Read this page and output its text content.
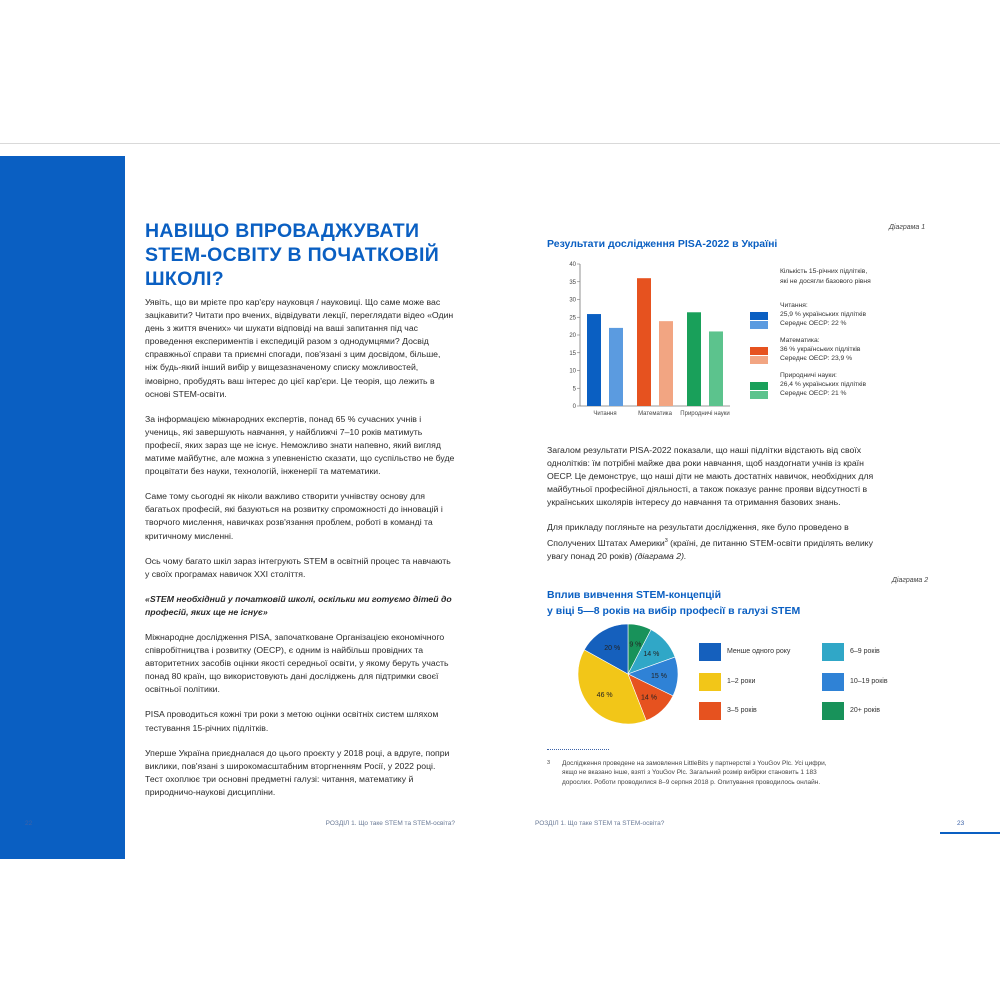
НАВІЩО ВПРОВАДЖУВАТИ
STEM-ОСВІТУ В ПОЧАТКОВІЙ
ШКОЛІ?

Уявіть, що ви мрієте про кар'єру науковця / науковиці. Що саме може вас зацікавити? Читати про вчених, відвідувати лекції, переглядати відео «Один день з життя вчених» чи шукати відповіді на ваші запитання під час проведення експериментів і експедицій разом з однодумцями? Досвід справжньої справи та приємні спогади, пов'язані з цим досвідом, більше, ніж будь-який інший вибір у вищезазначеному списку можливостей, імовірно, пробудять ваш інтерес до цієї кар'єри. Це теорія, що лежить в основі STEM-освіти.

За інформацією міжнародних експертів, понад 65 % сучасних учнів і учениць, які завершують навчання, у найближчі 7–10 років матимуть професії, яких зараз ще не існує. Неможливо знати напевно, який вигляд матиме майбутнє, але можна з упевненістю сказати, що суспільство не буде процвітати без науки, технологій, інженерії та математики.

Саме тому сьогодні як ніколи важливо створити учнівству основу для багатьох професій, які базуються на розвитку спроможності до інновацій і творчого мислення, навичках розв'язання проблем, роботі в команді та критичному мисленні.

Ось чому багато шкіл зараз інтегрують STEM в освітній процес та навчають у своїх програмах навичок XXI століття.

«STEM необхідний у початковій школі, оскільки ми готуємо дітей до професій, яких ще не існує»

Міжнародне дослідження PISA, започатковане Організацією економічного співробітництва і розвитку (ОЕСР), є одним із найбільш провідних та авторитетних засобів оцінки якості середньої освіти, у якому беруть участь понад 80 країн, що використовують дані досліджень для підтримки своєї освітньої політики.

PISA проводиться кожні три роки з метою оцінки освітніх систем шляхом тестування 15-річних підлітків.

Уперше Україна приєдналася до цього проєкту у 2018 році, а вдруге, попри виклики, пов'язані з широкомасштабним вторгненням Росії, у 2022 році. Тест охоплює три основні предметні галузі: читання, математику й природничо-наукові дисципліни.

22	РОЗДІЛ 1. Що таке STEM та STEM-освіта?
Діаграма 1
Результати дослідження PISA-2022 в Україні
0
5
10
15
20
25
30
35
40
Читання	Математика Природничі науки
Кількість 15-річних підлітків,
які не досягли базового рівня
Читання:
25,9 % українських підлітків
Середнє ОЕСР: 22 %
Математика:
36 % українських підлітків
Середнє ОЕСР: 23,9 %
Природничі науки:
26,4 % українських підлітків
Середнє ОЕСР: 21 %

Загалом результати PISA-2022 показали, що наші підлітки відстають від своїх однолітків: їм потрібні майже два роки навчання, щоб наздогнати учнів із країн ОЕСР. Це демонструє, що наші діти не мають достатніх навичок, необхідних для майбутньої професійної діяльності, а також показує раннє прояви відсутності в українських школярів інтересу до навчання та отримання базових знань.

Для прикладу погляньте на результати дослідження, яке було проведено в Сполучених Штатах Америки$^3$ (країні, де питанню STEM-освіти приділять велику увагу понад 20 років) (діаграма 2).

Діаграма 2
Вплив вивчення STEM-концепцій
у віці 5—8 років на вибір професії в галузі STEM
9 %
14 %
15 %
14 %
46 %
20 %	Менше одного року
1–2 роки
3–5 років
6–9 років
10–19 років
20+ років
3 Дослідження проведене на замовлення LittleBits у партнерстві з YouGov Plc. Усі цифри, якщо не вказано інше, взяті з YouGov Plc. Загальний розмір вибірки становить 1 183 дорослих. Роботи проводилися 8–9 серпня 2018 р. Опитування проводилось онлайн.
РОЗДІЛ 1. Що таке STEM та STEM-освіта?	23
